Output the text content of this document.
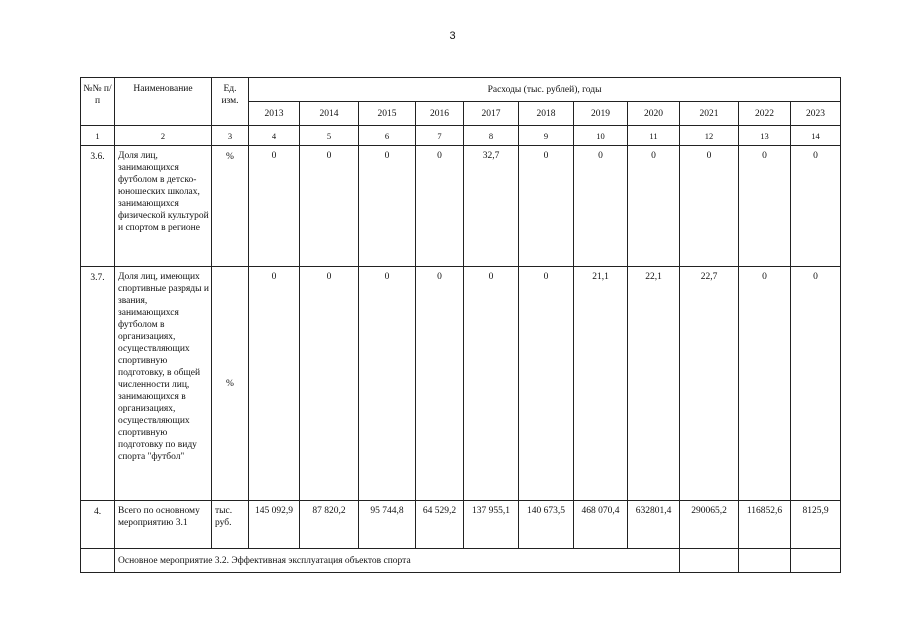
3
№№ п/п	Наименование	Ед. изм.	Расходы (тыс. рублей), годы										
			2013	2014	2015	2016	2017	2018	2019	2020	2021	2022	2023
1	2	3	4	5	6	7	8	9	10	11	12	13	14
3.6.	Доля лиц, занимающихся футболом в детско-юношеских школах, занимающихся физической культурой и спортом в регионе	%	0	0	0	0	32,7	0	0	0	0	0	0
3.7.	Доля лиц, имеющих спортивные разряды и звания, занимающихся футболом в организациях, осуществляющих спортивную подготовку, в общей численности лиц, занимающихся в организациях, осуществляющих спортивную подготовку по виду спорта "футбол"	%	0	0	0	0	0	0	21,1	22,1	22,7	0	0
4.	Всего по основному мероприятию 3.1	тыс. руб.	145 092,9	87 820,2	95 744,8	64 529,2	137 955,1	140 673,5	468 070,4	632801,4	290065,2	116852,6	8125,9
	Основное мероприятие 3.2. Эффективная эксплуатация объектов спорта												
